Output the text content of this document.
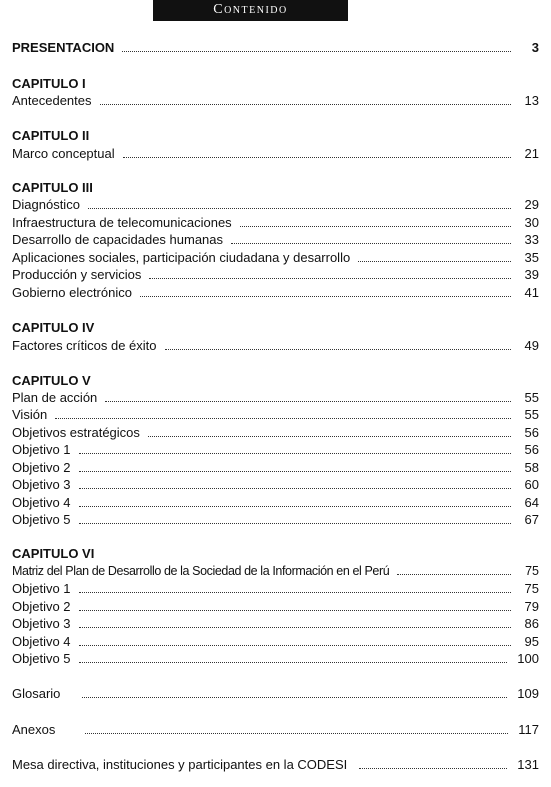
Contenido
PRESENTACION	3
CAPITULO I
Antecedentes	13
CAPITULO II
Marco conceptual	21
CAPITULO III
Diagnóstico	29
Infraestructura de telecomunicaciones	30
Desarrollo de capacidades humanas	33
Aplicaciones sociales, participación ciudadana y desarrollo	35
Producción y servicios	39
Gobierno electrónico	41
CAPITULO IV
Factores críticos de éxito	49
CAPITULO V
Plan de acción	55
Visión	55
Objetivos estratégicos	56
Objetivo 1	56
Objetivo 2	58
Objetivo 3	60
Objetivo 4	64
Objetivo 5	67
CAPITULO VI
Matriz del Plan de Desarrollo de la Sociedad de la Información en el Perú	75
Objetivo 1	75
Objetivo 2	79
Objetivo 3	86
Objetivo 4	95
Objetivo 5	100
Glosario	109
Anexos	117
Mesa directiva, instituciones y participantes en la CODESI	131
